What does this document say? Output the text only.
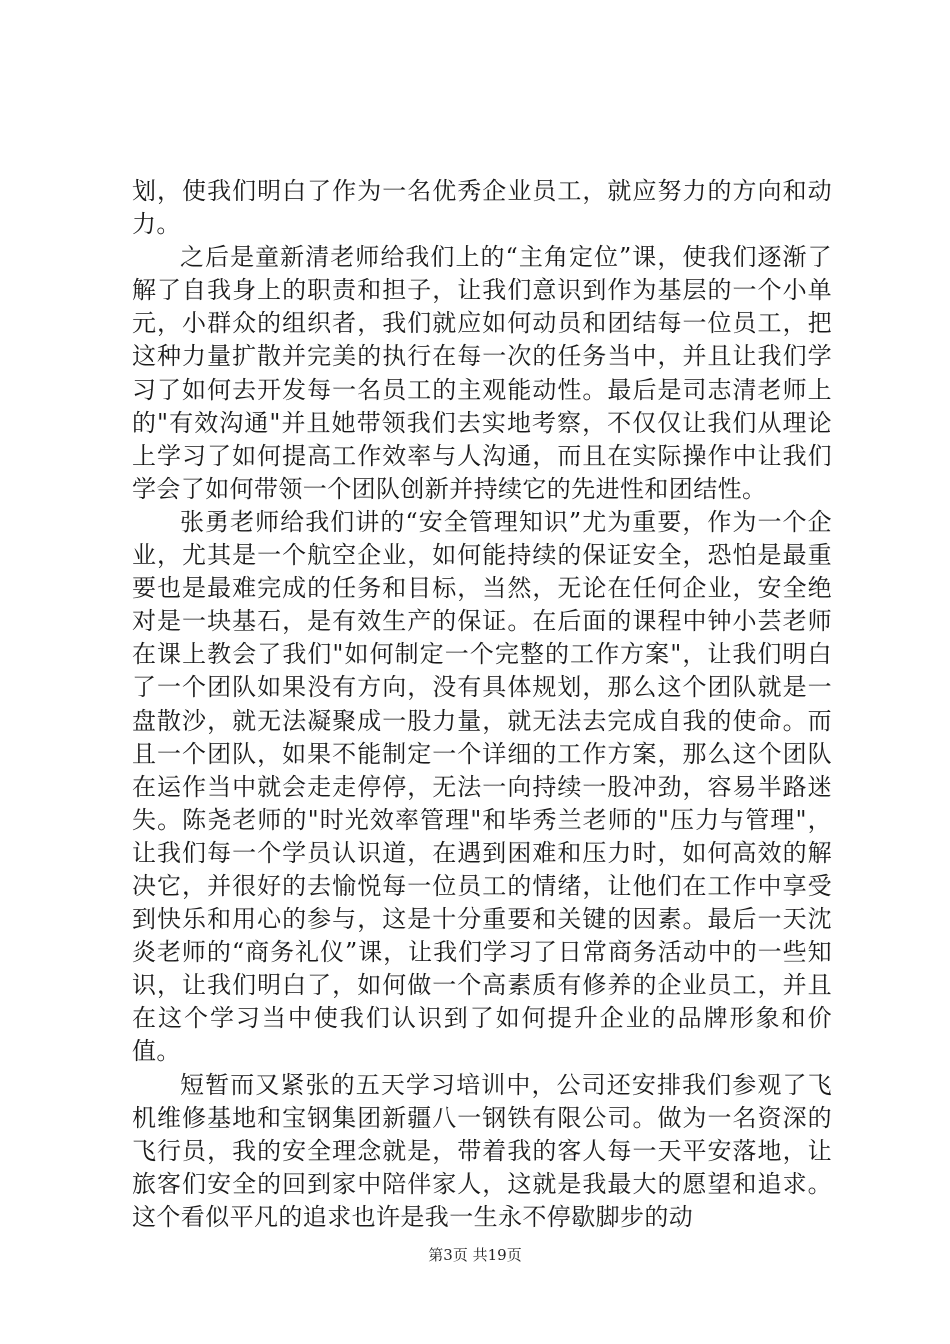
划，使我们明白了作为一名优秀企业员工，就应努力的方向和动力。

之后是童新清老师给我们上的“主角定位”课，使我们逐渐了解了自我身上的职责和担子，让我们意识到作为基层的一个小单元，小群众的组织者，我们就应如何动员和团结每一位员工，把这种力量扩散并完美的执行在每一次的任务当中，并且让我们学习了如何去开发每一名员工的主观能动性。最后是司志清老师上的"有效沟通"并且她带领我们去实地考察，不仅仅让我们从理论上学习了如何提高工作效率与人沟通，而且在实际操作中让我们学会了如何带领一个团队创新并持续它的先进性和团结性。

张勇老师给我们讲的“安全管理知识”尤为重要，作为一个企业，尤其是一个航空企业，如何能持续的保证安全，恐怕是最重要也是最难完成的任务和目标，当然，无论在任何企业，安全绝对是一块基石，是有效生产的保证。在后面的课程中钟小芸老师在课上教会了我们"如何制定一个完整的工作方案"，让我们明白了一个团队如果没有方向，没有具体规划，那么这个团队就是一盘散沙，就无法凝聚成一股力量，就无法去完成自我的使命。而且一个团队，如果不能制定一个详细的工作方案，那么这个团队在运作当中就会走走停停，无法一向持续一股冲劲，容易半路迷失。陈尧老师的"时光效率管理"和毕秀兰老师的"压力与管理"，让我们每一个学员认识道，在遇到困难和压力时，如何高效的解决它，并很好的去愉悦每一位员工的情绪，让他们在工作中享受到快乐和用心的参与，这是十分重要和关键的因素。最后一天沈炎老师的“商务礼仪”课，让我们学习了日常商务活动中的一些知识，让我们明白了，如何做一个高素质有修养的企业员工，并且在这个学习当中使我们认识到了如何提升企业的品牌形象和价值。

短暂而又紧张的五天学习培训中，公司还安排我们参观了飞机维修基地和宝钢集团新疆八一钢铁有限公司。做为一名资深的飞行员，我的安全理念就是，带着我的客人每一天平安落地，让旅客们安全的回到家中陪伴家人，这就是我最大的愿望和追求。这个看似平凡的追求也许是我一生永不停歇脚步的动

第3页 共19页
